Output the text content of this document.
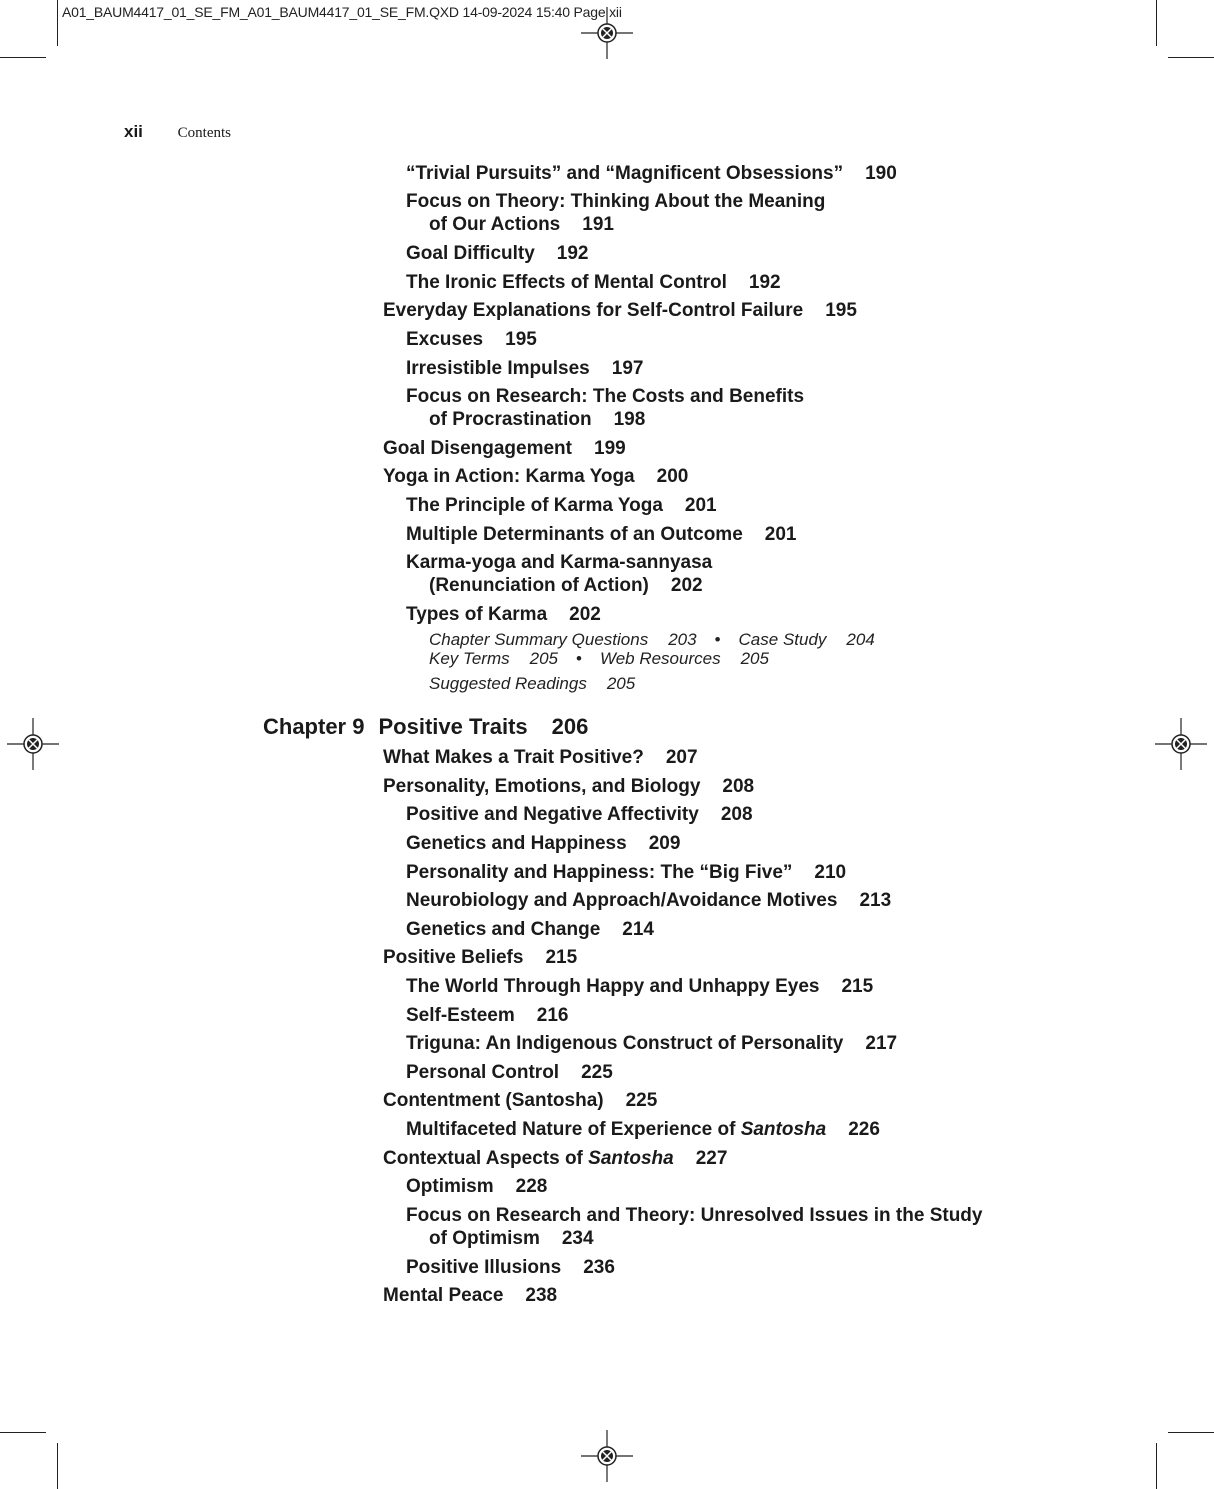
A01_BAUM4417_01_SE_FM_A01_BAUM4417_01_SE_FM.QXD 14-09-2024 15:40 Page xii
xii Contents
“Trivial Pursuits” and “Magnificent Obsessions” 190
Focus on Theory: Thinking About the Meaning
of Our Actions 191
Goal Difficulty 192
The Ironic Effects of Mental Control 192
Everyday Explanations for Self-Control Failure 195
Excuses 195
Irresistible Impulses 197
Focus on Research: The Costs and Benefits
of Procrastination 198
Goal Disengagement 199
Yoga in Action: Karma Yoga 200
The Principle of Karma Yoga 201
Multiple Determinants of an Outcome 201
Karma-yoga and Karma-sannyasa
(Renunciation of Action) 202
Types of Karma 202
Chapter Summary Questions 203 • Case Study 204
Key Terms 205 • Web Resources 205
Suggested Readings 205
Chapter 9 Positive Traits 206
What Makes a Trait Positive? 207
Personality, Emotions, and Biology 208
Positive and Negative Affectivity 208
Genetics and Happiness 209
Personality and Happiness: The “Big Five” 210
Neurobiology and Approach/Avoidance Motives 213
Genetics and Change 214
Positive Beliefs 215
The World Through Happy and Unhappy Eyes 215
Self-Esteem 216
Triguna: An Indigenous Construct of Personality 217
Personal Control 225
Contentment (Santosha) 225
Multifaceted Nature of Experience of Santosha 226
Contextual Aspects of Santosha 227
Optimism 228
Focus on Research and Theory: Unresolved Issues in the Study
of Optimism 234
Positive Illusions 236
Mental Peace 238
